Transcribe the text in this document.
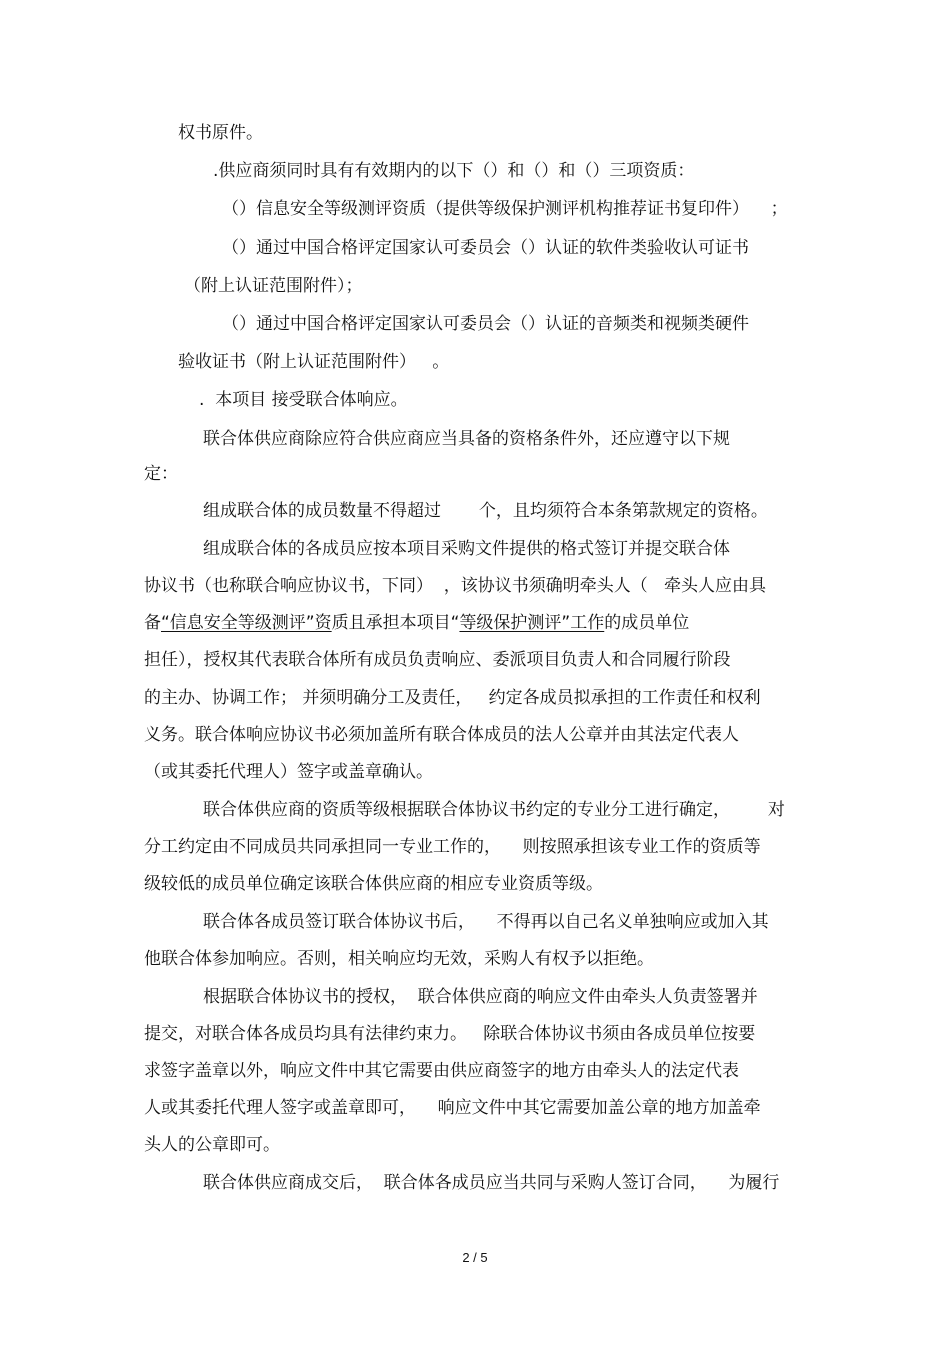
权书原件。
.供应商须同时具有有效期内的以下（）和（）和（）三项资质：
（）信息安全等级测评资质（提供等级保护测评机构推荐证书复印件）    ；
（）通过中国合格评定国家认可委员会（）认证的软件类验收认可证书
（附上认证范围附件）；
（）通过中国合格评定国家认可委员会（）认证的音频类和视频类硬件
验收证书（附上认证范围附件）   。
.  本项目 接受联合体响应。
联合体供应商除应符合供应商应当具备的资格条件外，还应遵守以下规
定：
组成联合体的成员数量不得超过       个，且均须符合本条第款规定的资格。
组成联合体的各成员应按本项目采购文件提供的格式签订并提交联合体
协议书（也称联合响应协议书，下同）  ，该协议书须确明牵头人（   牵头人应由具
备“信息安全等级测评”资质且承担本项目“等级保护测评”工作的成员单位
担任），授权其代表联合体所有成员负责响应、委派项目负责人和合同履行阶段
的主办、协调工作； 并须明确分工及责任，   约定各成员拟承担的工作责任和权利
义务。联合体响应协议书必须加盖所有联合体成员的法人公章并由其法定代表人
（或其委托代理人）签字或盖章确认。
联合体供应商的资质等级根据联合体协议书约定的专业分工进行确定，       对
分工约定由不同成员共同承担同一专业工作的，    则按照承担该专业工作的资质等
级较低的成员单位确定该联合体供应商的相应专业资质等级。
联合体各成员签订联合体协议书后，    不得再以自己名义单独响应或加入其
他联合体参加响应。否则，相关响应均无效，采购人有权予以拒绝。
根据联合体协议书的授权，  联合体供应商的响应文件由牵头人负责签署并
提交，对联合体各成员均具有法律约束力。   除联合体协议书须由各成员单位按要
求签字盖章以外，响应文件中其它需要由供应商签字的地方由牵头人的法定代表
人或其委托代理人签字或盖章即可，    响应文件中其它需要加盖公章的地方加盖牵
头人的公章即可。
联合体供应商成交后，  联合体各成员应当共同与采购人签订合同，    为履行
2 / 5
